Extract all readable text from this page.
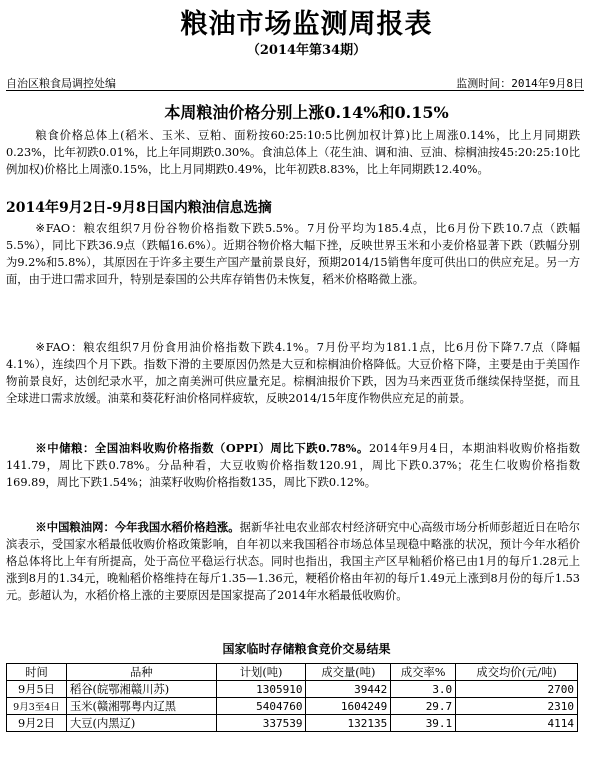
粮油市场监测周报表
（2014年第34期）
自治区粮食局调控处编	监测时间：2014年9月8日
本周粮油价格分别上涨0.14%和0.15%
粮食价格总体上(稻米、玉米、豆粕、面粉按60:25:10:5比例加权计算)比上周涨0.14%，比上月同期跌0.23%，比年初跌0.01%，比上年同期跌0.30%。食油总体上（花生油、调和油、豆油、棕榈油按45:20:25:10比例加权)价格比上周涨0.15%，比上月同期跌0.49%，比年初跌8.83%，比上年同期跌12.40%。
2014年9月2日-9月8日国内粮油信息选摘
※FAO：粮农组织7月份谷物价格指数下跌5.5%。7月份平均为185.4点，比6月份下跌10.7点（跌幅5.5%），同比下跌36.9点（跌幅16.6%）。近期谷物价格大幅下挫，反映世界玉米和小麦价格显著下跌（跌幅分别为9.2%和5.8%），其原因在于许多主要生产国产量前景良好，预期2014/15销售年度可供出口的供应充足。另一方面，由于进口需求回升，特别是泰国的公共库存销售仍未恢复，稻米价格略微上涨。
※FAO：粮农组织7月份食用油价格指数下跌4.1%。7月份平均为181.1点，比6月份下降7.7点（降幅4.1%），连续四个月下跌。指数下滑的主要原因仍然是大豆和棕榈油价格降低。大豆价格下降，主要是由于美国作物前景良好，达创纪录水平，加之南美洲可供应量充足。棕榈油报价下跌，因为马来西亚货币继续保持坚挺，而且全球进口需求放缓。油菜和葵花籽油价格同样疲软，反映2014/15年度作物供应充足的前景。
※中储粮：全国油料收购价格指数（OPPI）周比下跌0.78%。2014年9月4日，本期油料收购价格指数141.79，周比下跌0.78%。分品种看，大豆收购价格指数120.91，周比下跌0.37%；花生仁收购价格指数169.89，周比下跌1.54%；油菜籽收购价格指数135，周比下跌0.12%。
※中国粮油网：今年我国水稻价格趋涨。据新华社电农业部农村经济研究中心高级市场分析师彭超近日在哈尔滨表示，受国家水稻最低收购价格政策影响，自年初以来我国稻谷市场总体呈现稳中略涨的状况，预计今年水稻价格总体将比上年有所提高，处于高位平稳运行状态。同时也指出，我国主产区早籼稻价格已由1月的每斤1.28元上涨到8月的1.34元，晚籼稻价格维持在每斤1.35—1.36元，粳稻价格由年初的每斤1.49元上涨到8月份的每斤1.53元。彭超认为，水稻价格上涨的主要原因是国家提高了2014年水稻最低收购价。
国家临时存储粮食竞价交易结果
时间	品种	计划(吨)	成交量(吨)	成交率%	成交均价(元/吨)
9月5日	稻谷(皖鄂湘赣川苏)	1305910	39442	3.0	2700
9月3至4日	玉米(赣湘鄂粤内辽黑	5404760	1604249	29.7	2310
9月2日	大豆(内黑辽)	337539	132135	39.1	4114
